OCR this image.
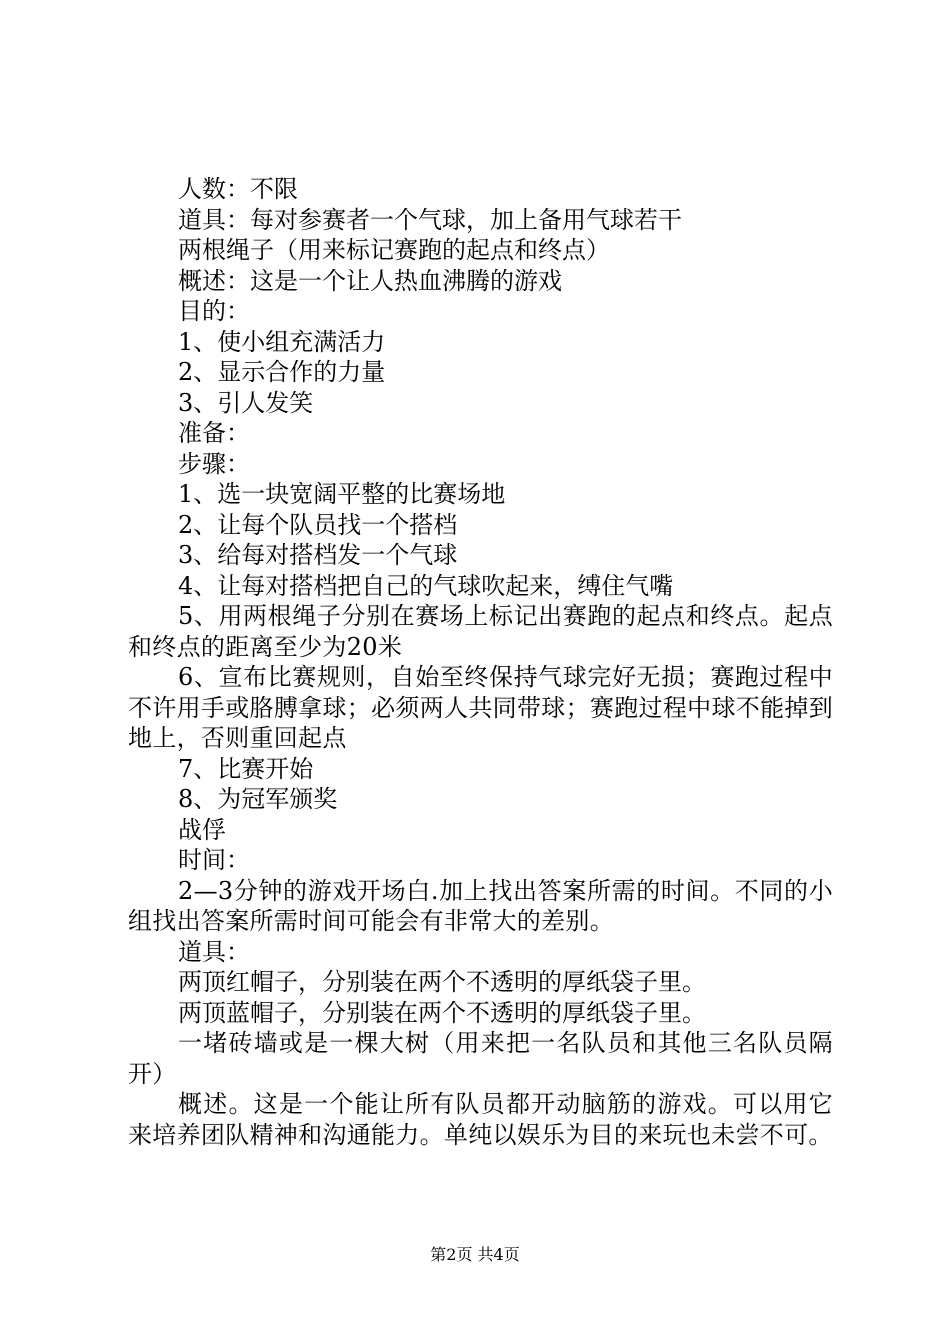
人数：不限
道具：每对参赛者一个气球，加上备用气球若干
两根绳子（用来标记赛跑的起点和终点）
概述：这是一个让人热血沸腾的游戏
目的：
1、使小组充满活力
2、显示合作的力量
3、引人发笑
准备：
步骤：
1、选一块宽阔平整的比赛场地
2、让每个队员找一个搭档
3、给每对搭档发一个气球
4、让每对搭档把自己的气球吹起来，缚住气嘴
5、用两根绳子分别在赛场上标记出赛跑的起点和终点。起点和终点的距离至少为20米
6、宣布比赛规则，自始至终保持气球完好无损；赛跑过程中不许用手或胳膊拿球；必须两人共同带球；赛跑过程中球不能掉到地上，否则重回起点
7、比赛开始
8、为冠军颁奖
战俘
时间：
2—3分钟的游戏开场白.加上找出答案所需的时间。不同的小组找出答案所需时间可能会有非常大的差别。
道具：
两顶红帽子，分别装在两个不透明的厚纸袋子里。
两顶蓝帽子，分别装在两个不透明的厚纸袋子里。
一堵砖墙或是一棵大树（用来把一名队员和其他三名队员隔开）
概述。这是一个能让所有队员都开动脑筋的游戏。可以用它来培养团队精神和沟通能力。单纯以娱乐为目的来玩也未尝不可。
第2页 共4页
